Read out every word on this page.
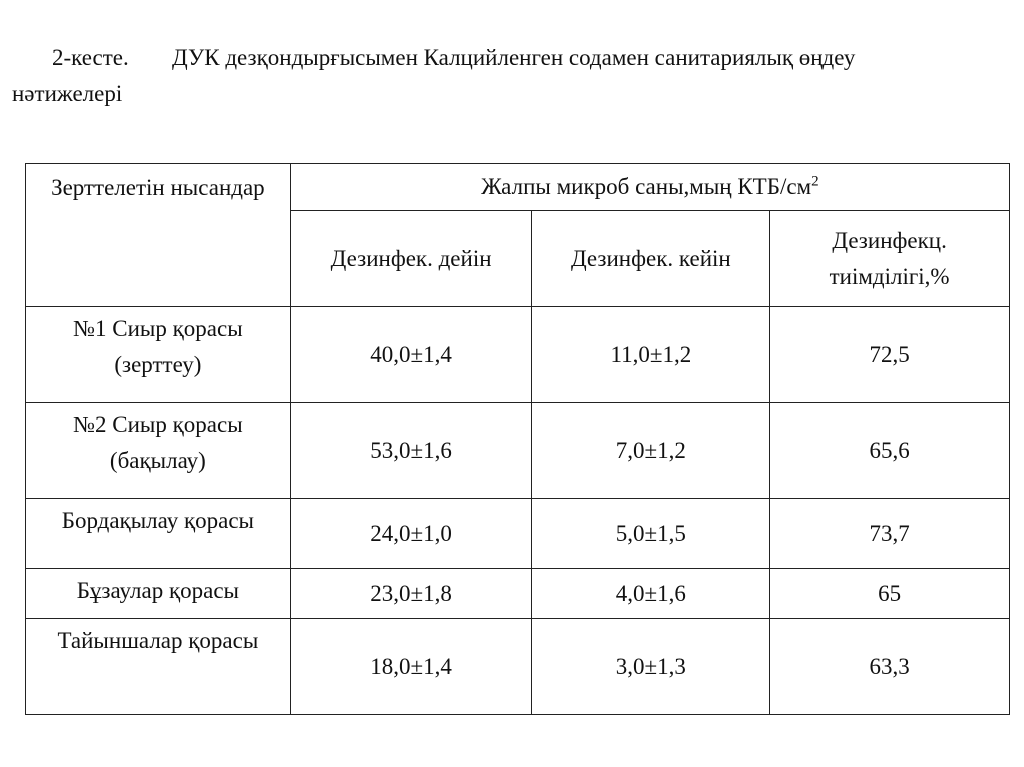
2-кесте. ДУК дезқондырғысымен Калцийленген содамен санитариялық өңдеу
нәтижелері
Зерттелетін нысандар	Жалпы микроб саны,мың КТБ/$см^2$
	Дезинфек. дейін	Дезинфек. кейін	Дезинфекц. тиімділігі,%
№1 Сиыр қорасы (зерттеу)	40,0±1,4	11,0±1,2	72,5
№2 Сиыр қорасы (бақылау)	53,0±1,6	7,0±1,2	65,6
Бордақылау қорасы	24,0±1,0	5,0±1,5	73,7
Бұзаулар қорасы	23,0±1,8	4,0±1,6	65
Тайыншалар қорасы	18,0±1,4	3,0±1,3	63,3
